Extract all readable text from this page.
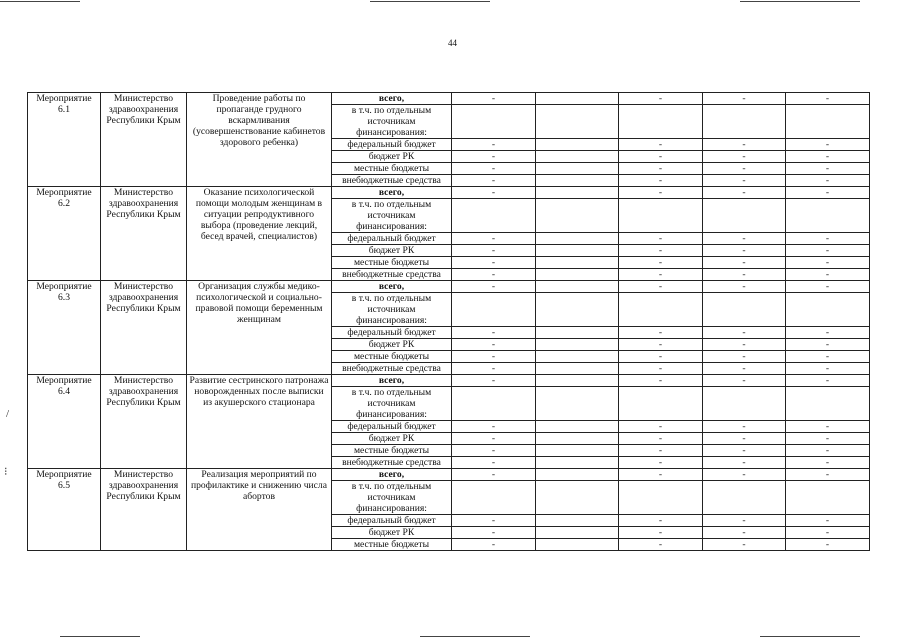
44
Мероприятие 6.1	Министерство здравоохранения Республики Крым	Проведение работы по пропаганде грудного вскармливания (усовершенствование кабинетов здорового ребенка)	всего,	-		-	-	-
			в т.ч. по отдельным источникам финансирования:					
			федеральный бюджет	-		-	-	-
			бюджет РК	-		-	-	-
			местные бюджеты	-		-	-	-
			внебюджетные средства	-		-	-	-
Мероприятие 6.2	Министерство здравоохранения Республики Крым	Оказание психологической помощи молодым женщинам в ситуации репродуктивного выбора (проведение лекций, бесед врачей, специалистов)	всего,	-		-	-	-
			в т.ч. по отдельным источникам финансирования:					
			федеральный бюджет	-		-	-	-
			бюджет РК	-		-	-	-
			местные бюджеты	-		-	-	-
			внебюджетные средства	-		-	-	-
Мероприятие 6.3	Министерство здравоохранения Республики Крым	Организация службы медико-психологической и социально-правовой помощи беременным женщинам	всего,	-		-	-	-
			в т.ч. по отдельным источникам финансирования:					
			федеральный бюджет	-		-	-	-
			бюджет РК	-		-	-	-
			местные бюджеты	-		-	-	-
			внебюджетные средства	-		-	-	-
Мероприятие 6.4	Министерство здравоохранения Республики Крым	Развитие сестринского патронажа новорожденных после выписки из акушерского стационара	всего,	-		-	-	-
			в т.ч. по отдельным источникам финансирования:					
			федеральный бюджет	-		-	-	-
			бюджет РК	-		-	-	-
			местные бюджеты	-		-	-	-
			внебюджетные средства	-		-	-	-
Мероприятие 6.5	Министерство здравоохранения Республики Крым	Реализация мероприятий по профилактике и снижению числа абортов	всего,	-		-	-	-
			в т.ч. по отдельным источникам финансирования:					
			федеральный бюджет	-		-	-	-
			бюджет РК	-		-	-	-
			местные бюджеты	-		-	-	-
/
⁝
